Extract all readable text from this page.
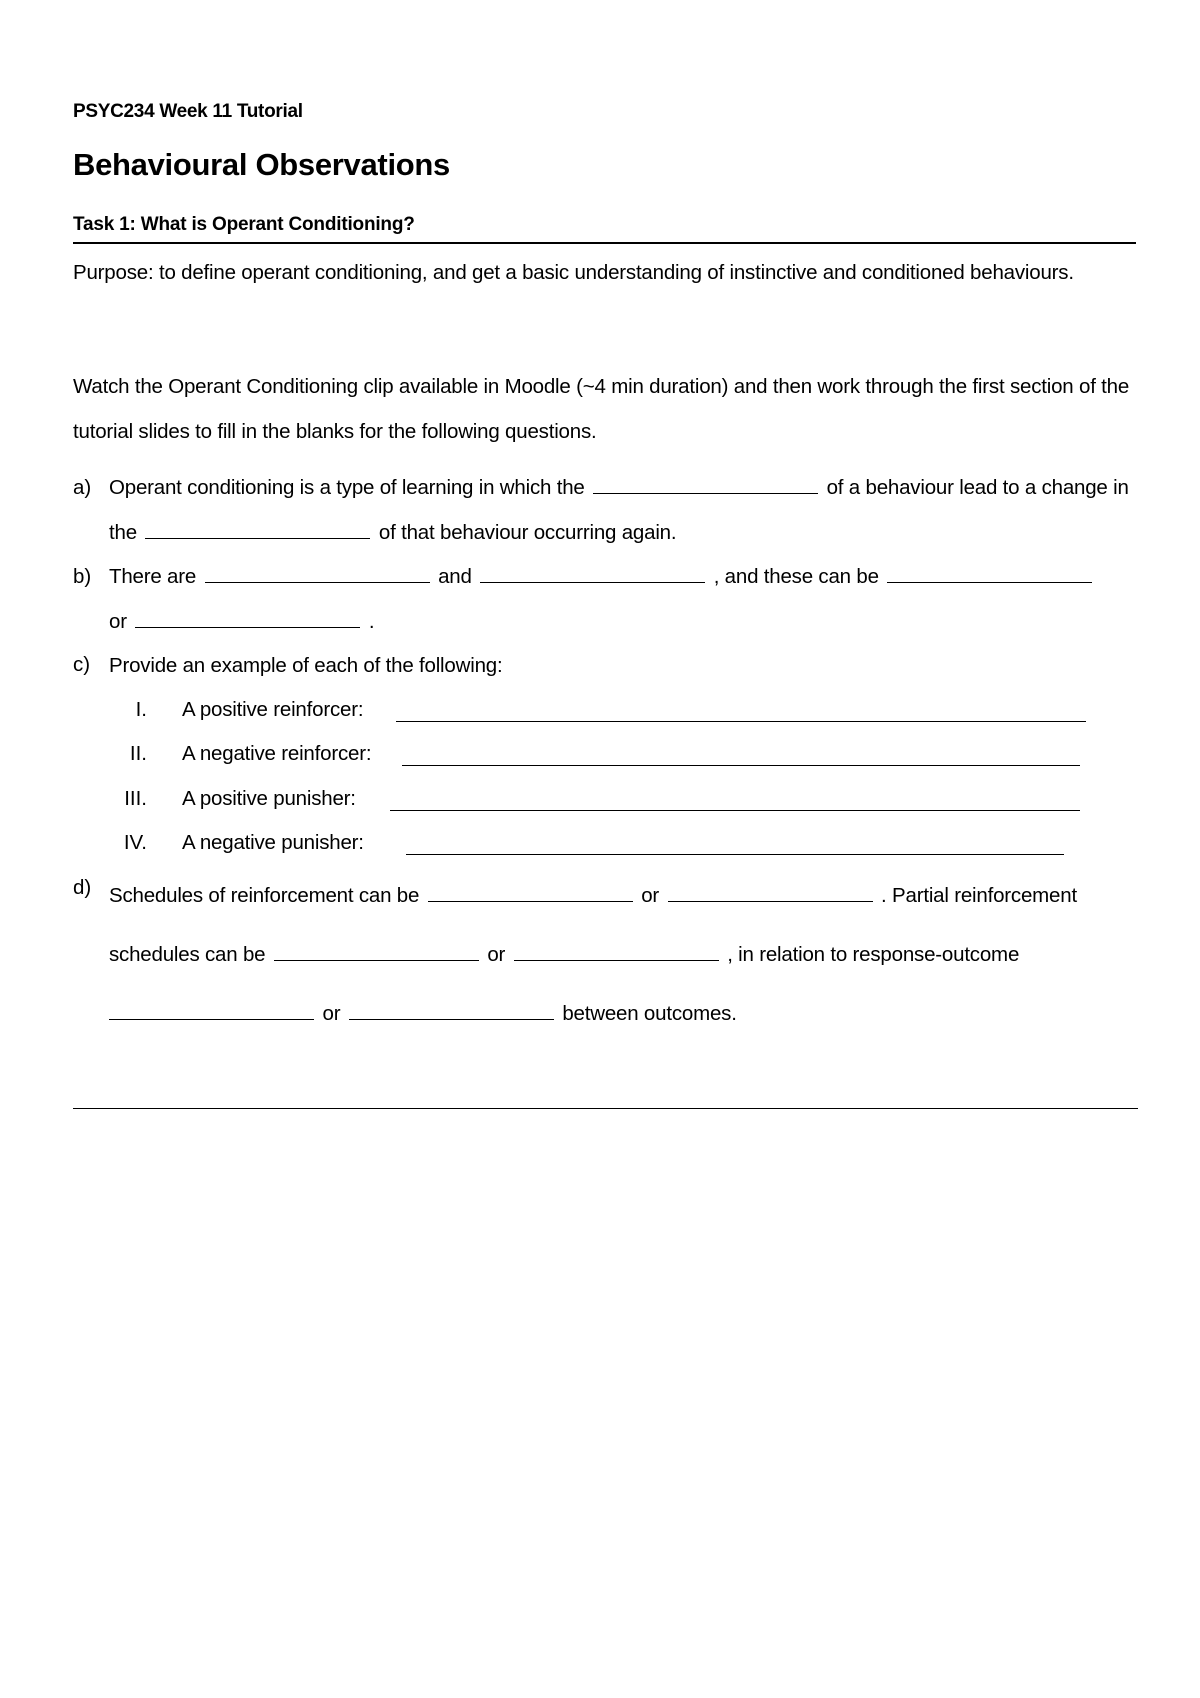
PSYC234 Week 11 Tutorial
Behavioural Observations
Task 1: What is Operant Conditioning?
Purpose: to define operant conditioning, and get a basic understanding of instinctive and conditioned behaviours.
Watch the Operant Conditioning clip available in Moodle (~4 min duration) and then work through the first section of the tutorial slides to fill in the blanks for the following questions.
a) Operant conditioning is a type of learning in which the	of a behaviour lead to a change in the	of that behaviour occurring again.
b) There are	and	, and these can be
or	.
c) Provide an example of each of the following:
I. A positive reinforcer:
II. A negative reinforcer:
III. A positive punisher:
IV. A negative punisher:
d) Schedules of reinforcement can be	or	. Partial reinforcement
schedules can be	or	, in relation to response-outcome
or	between outcomes.
